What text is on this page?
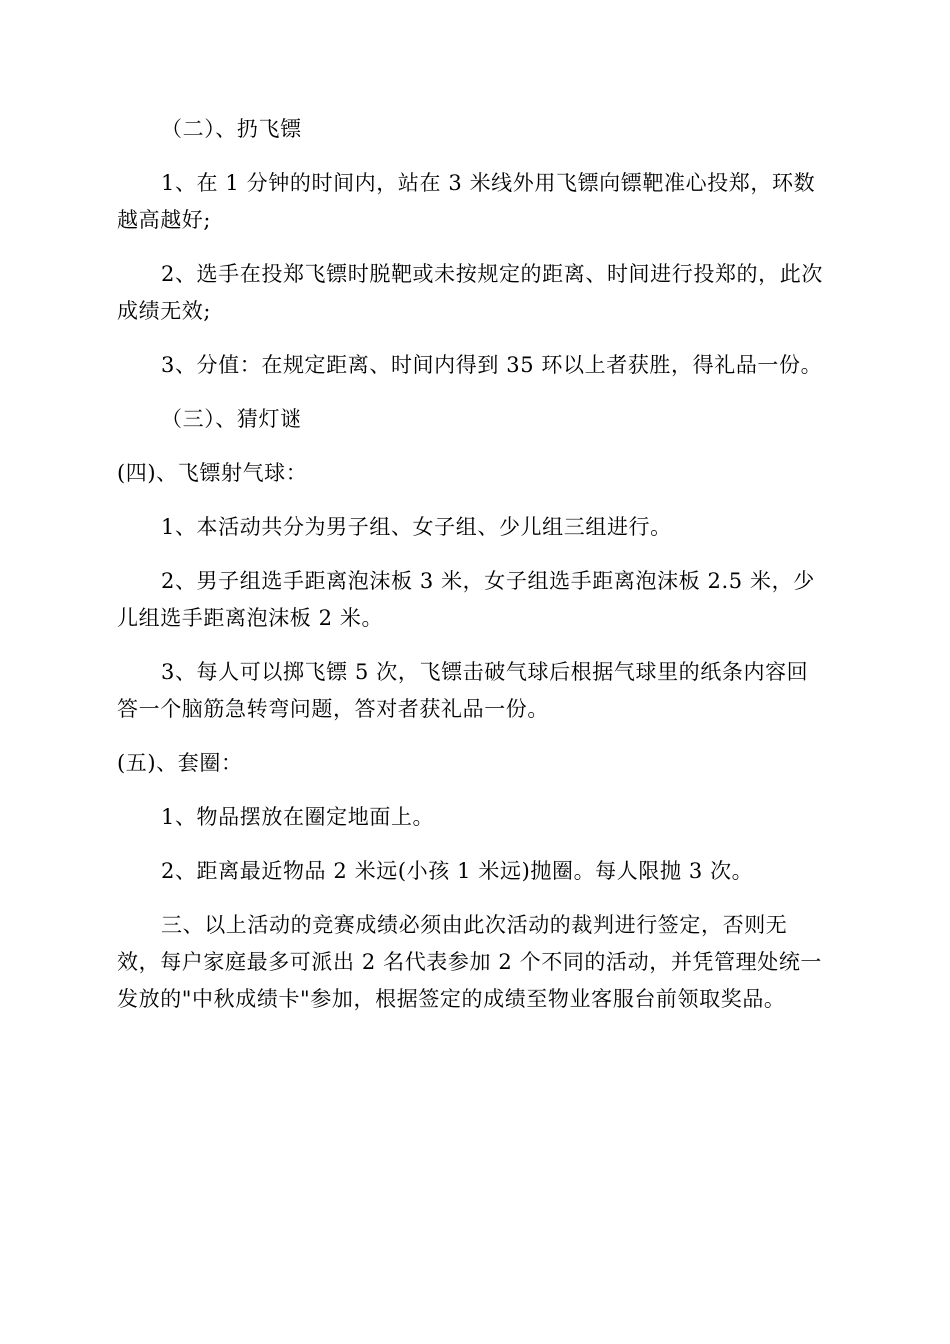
（二）、扔飞镖

1、在 1 分钟的时间内，站在 3 米线外用飞镖向镖靶准心投郑，环数越高越好;

2、选手在投郑飞镖时脱靶或未按规定的距离、时间进行投郑的，此次成绩无效;

3、分值：在规定距离、时间内得到 35 环以上者获胜，得礼品一份。

（三）、猜灯谜

(四)、飞镖射气球：

1、本活动共分为男子组、女子组、少儿组三组进行。

2、男子组选手距离泡沫板 3 米，女子组选手距离泡沫板 2.5 米，少儿组选手距离泡沫板 2 米。

3、每人可以掷飞镖 5 次，飞镖击破气球后根据气球里的纸条内容回答一个脑筋急转弯问题，答对者获礼品一份。

(五)、套圈：

1、物品摆放在圈定地面上。

2、距离最近物品 2 米远(小孩 1 米远)抛圈。每人限抛 3 次。

三、以上活动的竞赛成绩必须由此次活动的裁判进行签定，否则无效，每户家庭最多可派出 2 名代表参加 2 个不同的活动，并凭管理处统一发放的"中秋成绩卡"参加，根据签定的成绩至物业客服台前领取奖品。
